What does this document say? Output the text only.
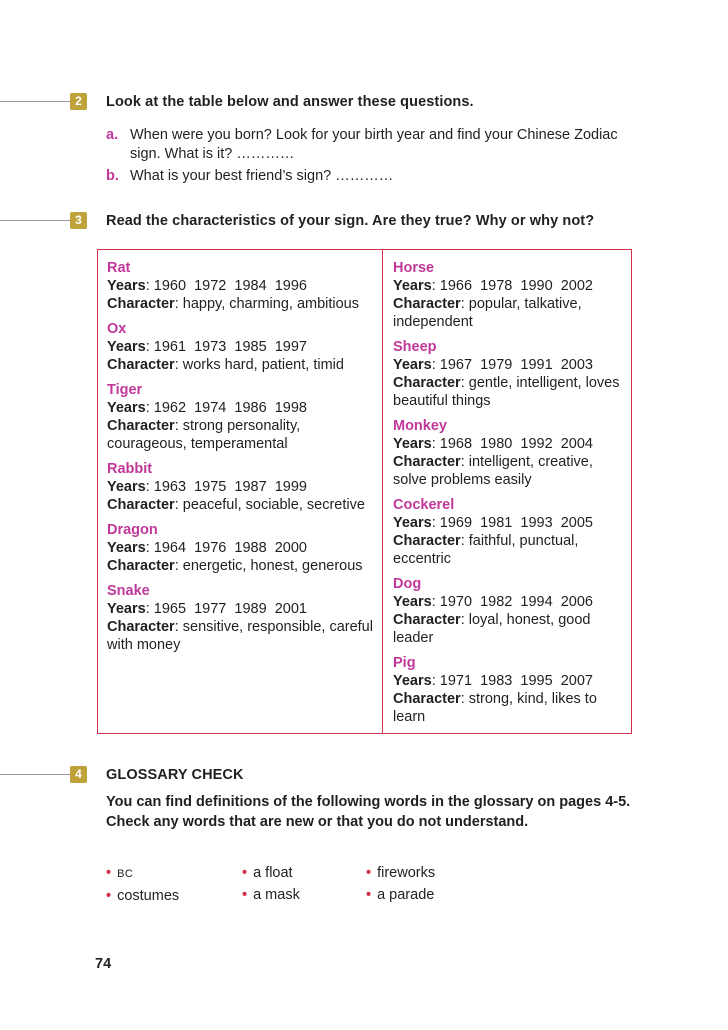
2	Look at the table below and answer these questions.
a. When were you born? Look for your birth year and find your Chinese Zodiac sign. What is it? …………
b. What is your best friend’s sign? …………
3	Read the characteristics of your sign. Are they true? Why or why not?
Rat
Years: 1960  1972  1984  1996
Character: happy, charming, ambitious
Ox
Years: 1961  1973  1985  1997
Character: works hard, patient, timid
Tiger
Years: 1962  1974  1986  1998
Character: strong personality, courageous, temperamental
Rabbit
Years: 1963  1975  1987  1999
Character: peaceful, sociable, secretive
Dragon
Years: 1964  1976  1988  2000
Character: energetic, honest, generous
Snake
Years: 1965  1977  1989  2001
Character: sensitive, responsible, careful with money
Horse
Years: 1966  1978  1990  2002
Character: popular, talkative, independent
Sheep
Years: 1967  1979  1991  2003
Character: gentle, intelligent, loves beautiful things
Monkey
Years: 1968  1980  1992  2004
Character: intelligent, creative, solve problems easily
Cockerel
Years: 1969  1981  1993  2005
Character: faithful, punctual, eccentric
Dog
Years: 1970  1982  1994  2006
Character: loyal, honest, good leader
Pig
Years: 1971  1983  1995  2007
Character: strong, kind, likes to learn
4	GLOSSARY CHECK
You can find definitions of the following words in the glossary on pages 4-5. Check any words that are new or that you do not understand.
• BC
• costumes
• a float
• a mask
• fireworks
• a parade
74
